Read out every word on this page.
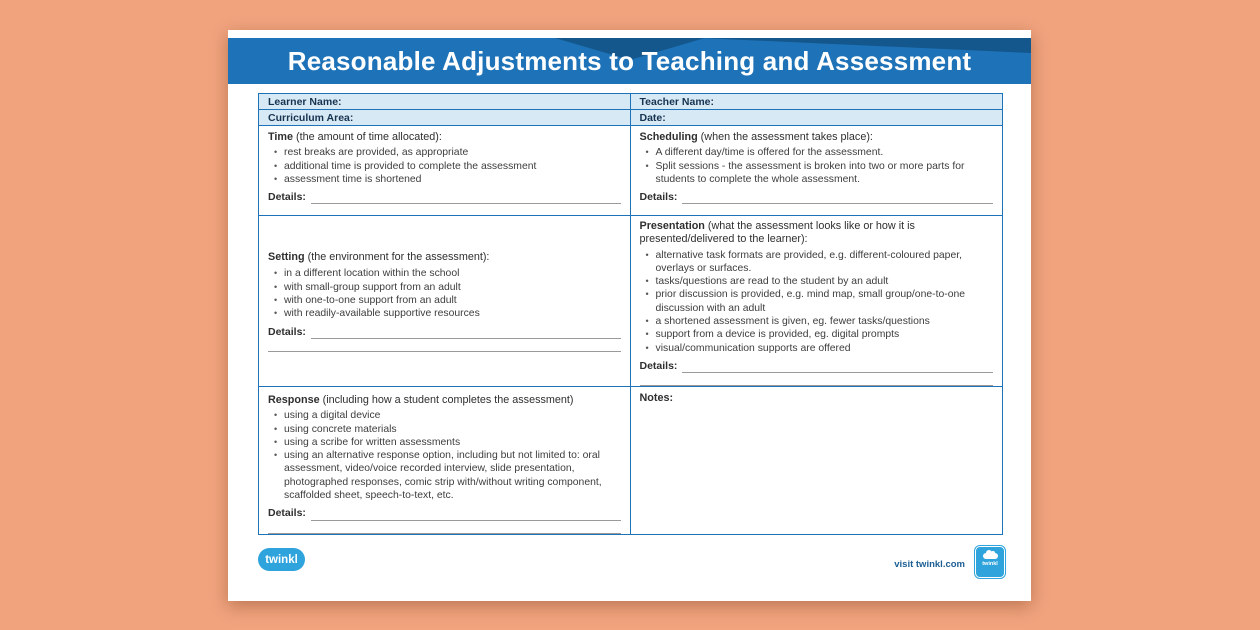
Reasonable Adjustments to Teaching and Assessment
Learner Name:	Teacher Name:
Curriculum Area:	Date:
Time (the amount of time allocated):
• rest breaks are provided, as appropriate
• additional time is provided to complete the assessment
• assessment time is shortened
Details:
Scheduling (when the assessment takes place):
• A different day/time is offered for the assessment.
• Split sessions - the assessment is broken into two or more parts for students to complete the whole assessment.
Details:
Setting (the environment for the assessment):
• in a different location within the school
• with small-group support from an adult
• with one-to-one support from an adult
• with readily-available supportive resources
Details:
Presentation (what the assessment looks like or how it is presented/delivered to the learner):
• alternative task formats are provided, e.g. different-coloured paper, overlays or surfaces.
• tasks/questions are read to the student by an adult
• prior discussion is provided, e.g. mind map, small group/one-to-one discussion with an adult
• a shortened assessment is given, eg. fewer tasks/questions
• support from a device is provided, eg. digital prompts
• visual/communication supports are offered
Details:
Response (including how a student completes the assessment)
• using a digital device
• using concrete materials
• using a scribe for written assessments
• using an alternative response option, including but not limited to: oral assessment, video/voice recorded interview, slide presentation, photographed responses, comic strip with/without writing component, scaffolded sheet, speech-to-text, etc.
Details:
Notes:
twinkl	visit twinkl.com	twinkl
